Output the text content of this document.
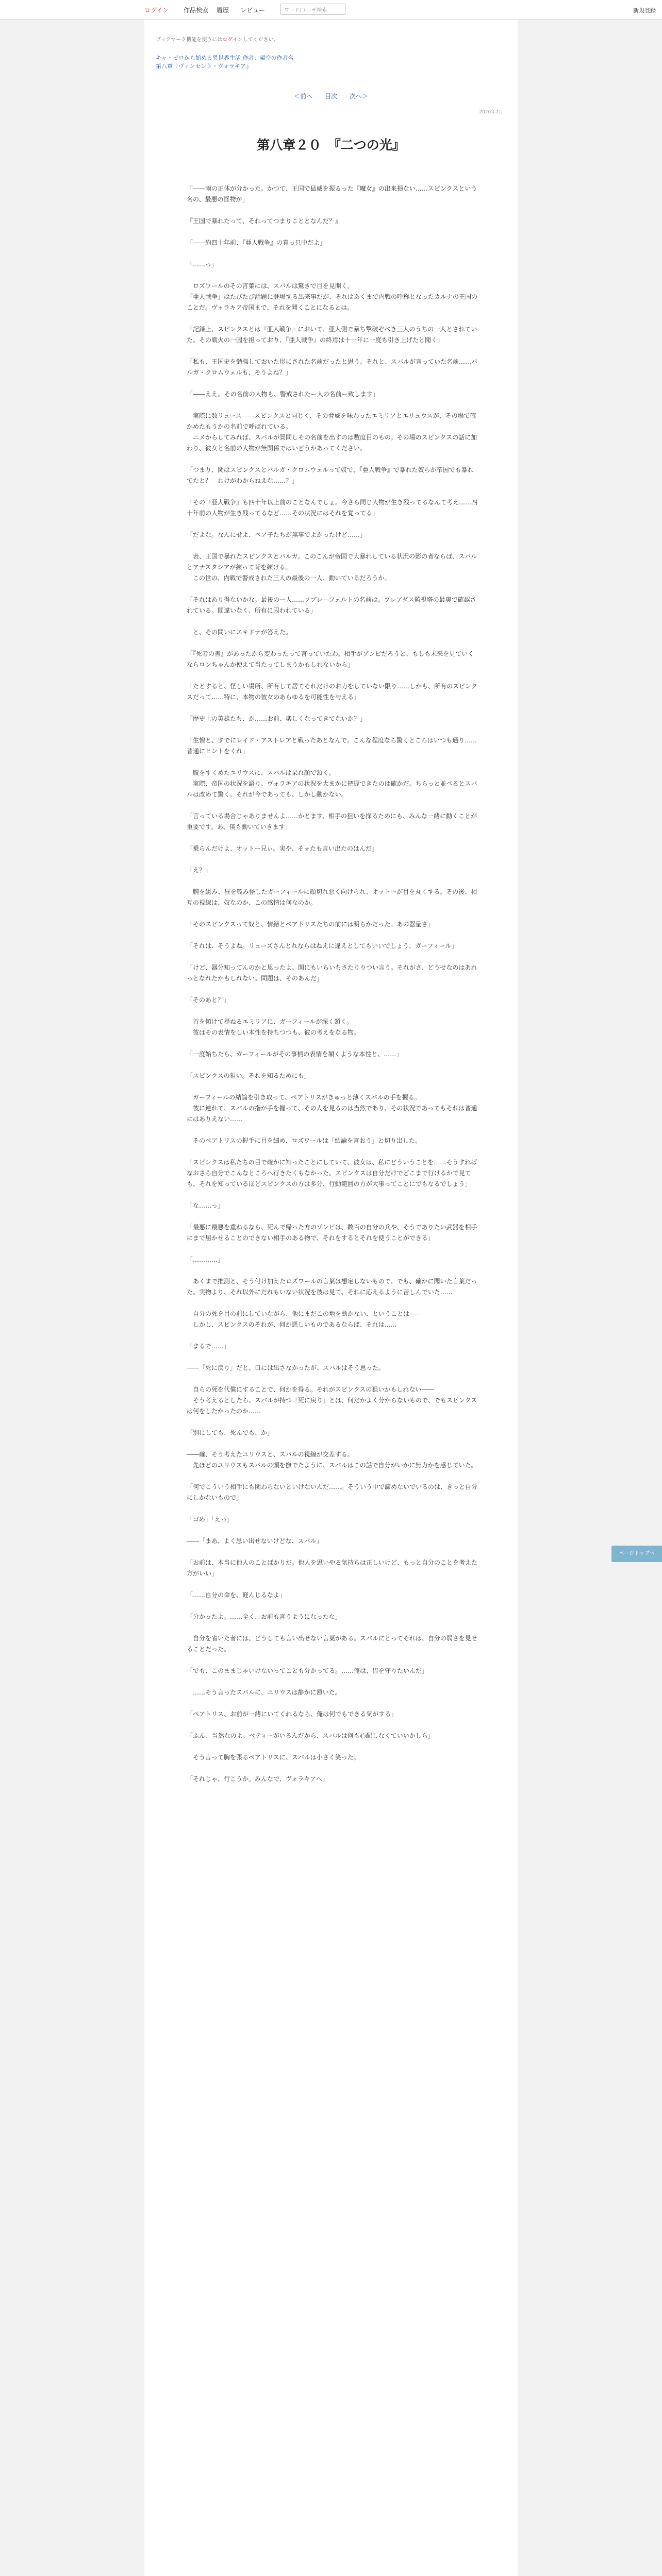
ログイン 作品検索 履歴 レビュー	ワード/ユーザ検索	新規登録
ブックマーク機能を使うにはログインしてください。
キャ・ゼロから始める異世界生活 作者：架空の作者名
第八章『ヴィンセント・ヴォラキア』
＜前へ 目次 次へ＞
2020年7月
第八章２０　『二つの光』

「――雨の正体が分かった。かつて、王国で猛威を振るった『魔女』の出来損ない……スピンクスという名の、最悪の怪物が」

『王国で暴れたって、それってつまりこととなんだ？』

「――約四十年前、『亜人戦争』の真っ只中だよ」

「……っ」

　ロズワールのその言葉には、スバルは驚きで目を見開く。
「亜人戦争」はたびたび話題に登場する出来事だが、それはあくまで内戦の呼称となったカルナの王国のことだ。ヴォラキア帝国まで、それを聞くことになるとは。

「記録上、スピンクスとは『亜人戦争』において、亜人側で暴ち撃破ぞべき三人のうちの一人とされていた。その戦火の一因を担っており、『亜人戦争』の終焉は十一年に一度も引き上げたと聞く」

「私も、王国史を勉強しておいた形にされた名前だったと思う。それと、スバルが言っていた名前……バルガ・クロムウェルも、そうよね？」

「――ええ。その名前の人物も、警戒されたー人の名前ー致します」

　実際に数リュース――スピンクスと同じく、その脅威を味わったエミリアとエリュウスが、その場で確かめたもうかの名前で呼ばれている。
　ニメからしてみれば、スバルが質問しその名前を出すのは数度目のもの。その場のスピンクスの話に加わり、彼女と名前の人物が無関係ではいどうかあってください。

「つまり、関はスピンクスとバルガ・クロムウェルって奴で、『亜人戦争』で暴れた奴らが帝国でも暴れてたと？　わけがわからねえな……？」

「その『亜人戦争』も四十年以上前のことなんでしょ。今さら同じ人物が生き残ってるなんて考え……四十年前の人物が生き残ってるなど……その状況にはそれを覚ってる」

「だよな。なんにせよ、ペア子たちが無事でよかったけど……」

　表、王国で暴れたスピンクスとバルガ。このこんが帝国で大暴れしている状況の影の者ならば、スバルとアナスタシアが練って背を練ける。
　この世の、内戦で警戒された三人の最後の一人、動いているだろうか。

「それはあり得ないかな。最後の一人……ソブレ―フェルトの名前は。プレアダス監視塔の最奥で確認されている。間違いなく、所有に囚われている」

　と、その問いにエキドナが答えた。

「『死者の書』があったから変わったって言っていたわ。相手がゾンビだろうと、もしも未来を見ていくならロンちゃんか使えて当たってしまうかもしれないから」

「たとすると、怪しい場所、所有して居てそれだけのお力をしていない限り……しかも、所有のスピンクスだって……特に、本物の彼女のあらゆるを可能性を与える」

「歴史上の英雄たち、か……お前、楽しくなってきてないか？」

「生憎と、すでにレイド・アストレアと戦ったあとなんで。こんな程度なら驚くところはいつも通り……普通にヒントをくれ」

　腹をすくめたユリウスに、スバルは呆れ顔で頷く。
　実際、帝国の状況を語り、ヴォラキアの状況を大まかに把握できたのは確かだ。ちらっと並べるとスバルは改めて驚く。それが今であっても、しかし動かない。

「言っている場合じゃありませんよ……かとます、相手の狙いを探るためにも、みんな一緒に動くことが重要です。あ、僕も動いていきます」

「乗らんだけよ、オットー兄ぃ。実や、そォたも言い出たのはんだ」

「え？」

　腕を組み、昼を嘶み怪したガーフィールに顔切れ悪く向けられ、オットーが目を丸くする。その後、相互の視線は、奴なのか、この感情は何なのか。

「そのスピンクスって奴と、情緒とペアトリスたちの前には明らかだった。あの器量さ」

「それは、そうよね。リューズさんとれならはねえに違えとしてもいいでしょう、ガーフィール」

「けど、器分知ってんのかと思ったよ。関にもいちいちさたりりつい言う。それがさ、どうせなのはあれっとなれたかもしれない。問題は、そのあんだ」

「そのあと？」

　首を傾けて尋ねるエミリアに、ガーフィールが深く頷く。
　彼はその表情をしい本性を持ちつつも、彼の考えをなる物。

「一度始ちたら、ガーフィールがその事柄の表情を頷くような本性と、……」

「スピンクスの狙い。それを知るためにも」

　ガーフィールの結論を引き取って、ペアトリスがきゅっと薄くスバルの手を握る。
　彼に連れて、スバルの指が手を握って、その人を見るのは当然であり、その状況であってもそれは普通にはありえない……

　そのペアトリスの握手に目を細め、ロズワールは「結論を言おう」と切り出した。

「スピンクスは私たちの目で確かに知ったことにしていて、彼女は、私にどういうことを……そうすればなおさら自分でこんなところへ行きたくもなかった。スピンクスは自分だけでどこまで行けるかで見ても、それを知っているほどスピンクスの方は多分、行動範囲の方が大事ってことにでもなるでしょう」

「な……っ」

「最悪に最悪を重ねるなら、死んで帰った方のゾンビは、数百の自分の兵や、そうでありたい武器を相手にまで届かせることのできない相手のある物で、それをするとそれを使うことができる」

「…………」

　あくまで推測と、そう付け加えたロズワールの言葉は想定しないもので、でも、確かに聞いた言葉だった。実物より、それ以外にだれもいない状況を彼は見て、それに応えるように苦しんでいた……

　自分の死を目の前にしていながら、他にまだこの地を動かない、ということは――
　しかし、スピンクスのそれが、何か悪しいものであるならば、それは……

「まるで……」

――「死に戻り」だと、口には出さなかったが、スバルはそう思った。

　自らの死を代償にすることで、何かを得る。それがスピンクスの狙いかもしれない――
　そう考えるとしたら、スバルが持つ「死に戻り」とは、何だかよく分からないもので、でもスピンクスは何をしたかったのか……

「別にしても、死んでも、か」

――確、そう考えたユリウスと、スバルの視線が交差する。
　先ほどのユリウスもスバルの頭を撫でたように、スバルはこの話で自分がいかに無力かを感じていた。

「何でこういう相手にも関わらないといけないんだ……。そういう中で諦めないでいるのは、きっと自分にしかないもので」

「ゴめ」「えっ」

――「まあ、よく思い出せないけどな、スバル」

「お前は、本当に他人のことばかりだ。他人を思いやる気持ちは正しいけど、もっと自分のことを考えた方がいい」

「……自分の命を、軽んじるなよ」

「分かったよ。……全く、お前も言うようになったな」

　自分を省いた者には、どうしても言い出せない言葉がある。スバルにとってそれは、自分の弱さを見せることだった。

「でも、このままじゃいけないってことも分かってる。……俺は、皆を守りたいんだ」

　……そう言ったスバルに、ユリウスは静かに頷いた。

「ペアトリス、お前が一緒にいてくれるなら、俺は何でもできる気がする」

「ふん、当然なのよ。ベティーがいるんだから、スバルは何も心配しなくていいかしら」

　そう言って胸を張るペアトリスに、スバルは小さく笑った。

「それじゃ、行こうか。みんなで、ヴォラキアへ」

ページトップへ
